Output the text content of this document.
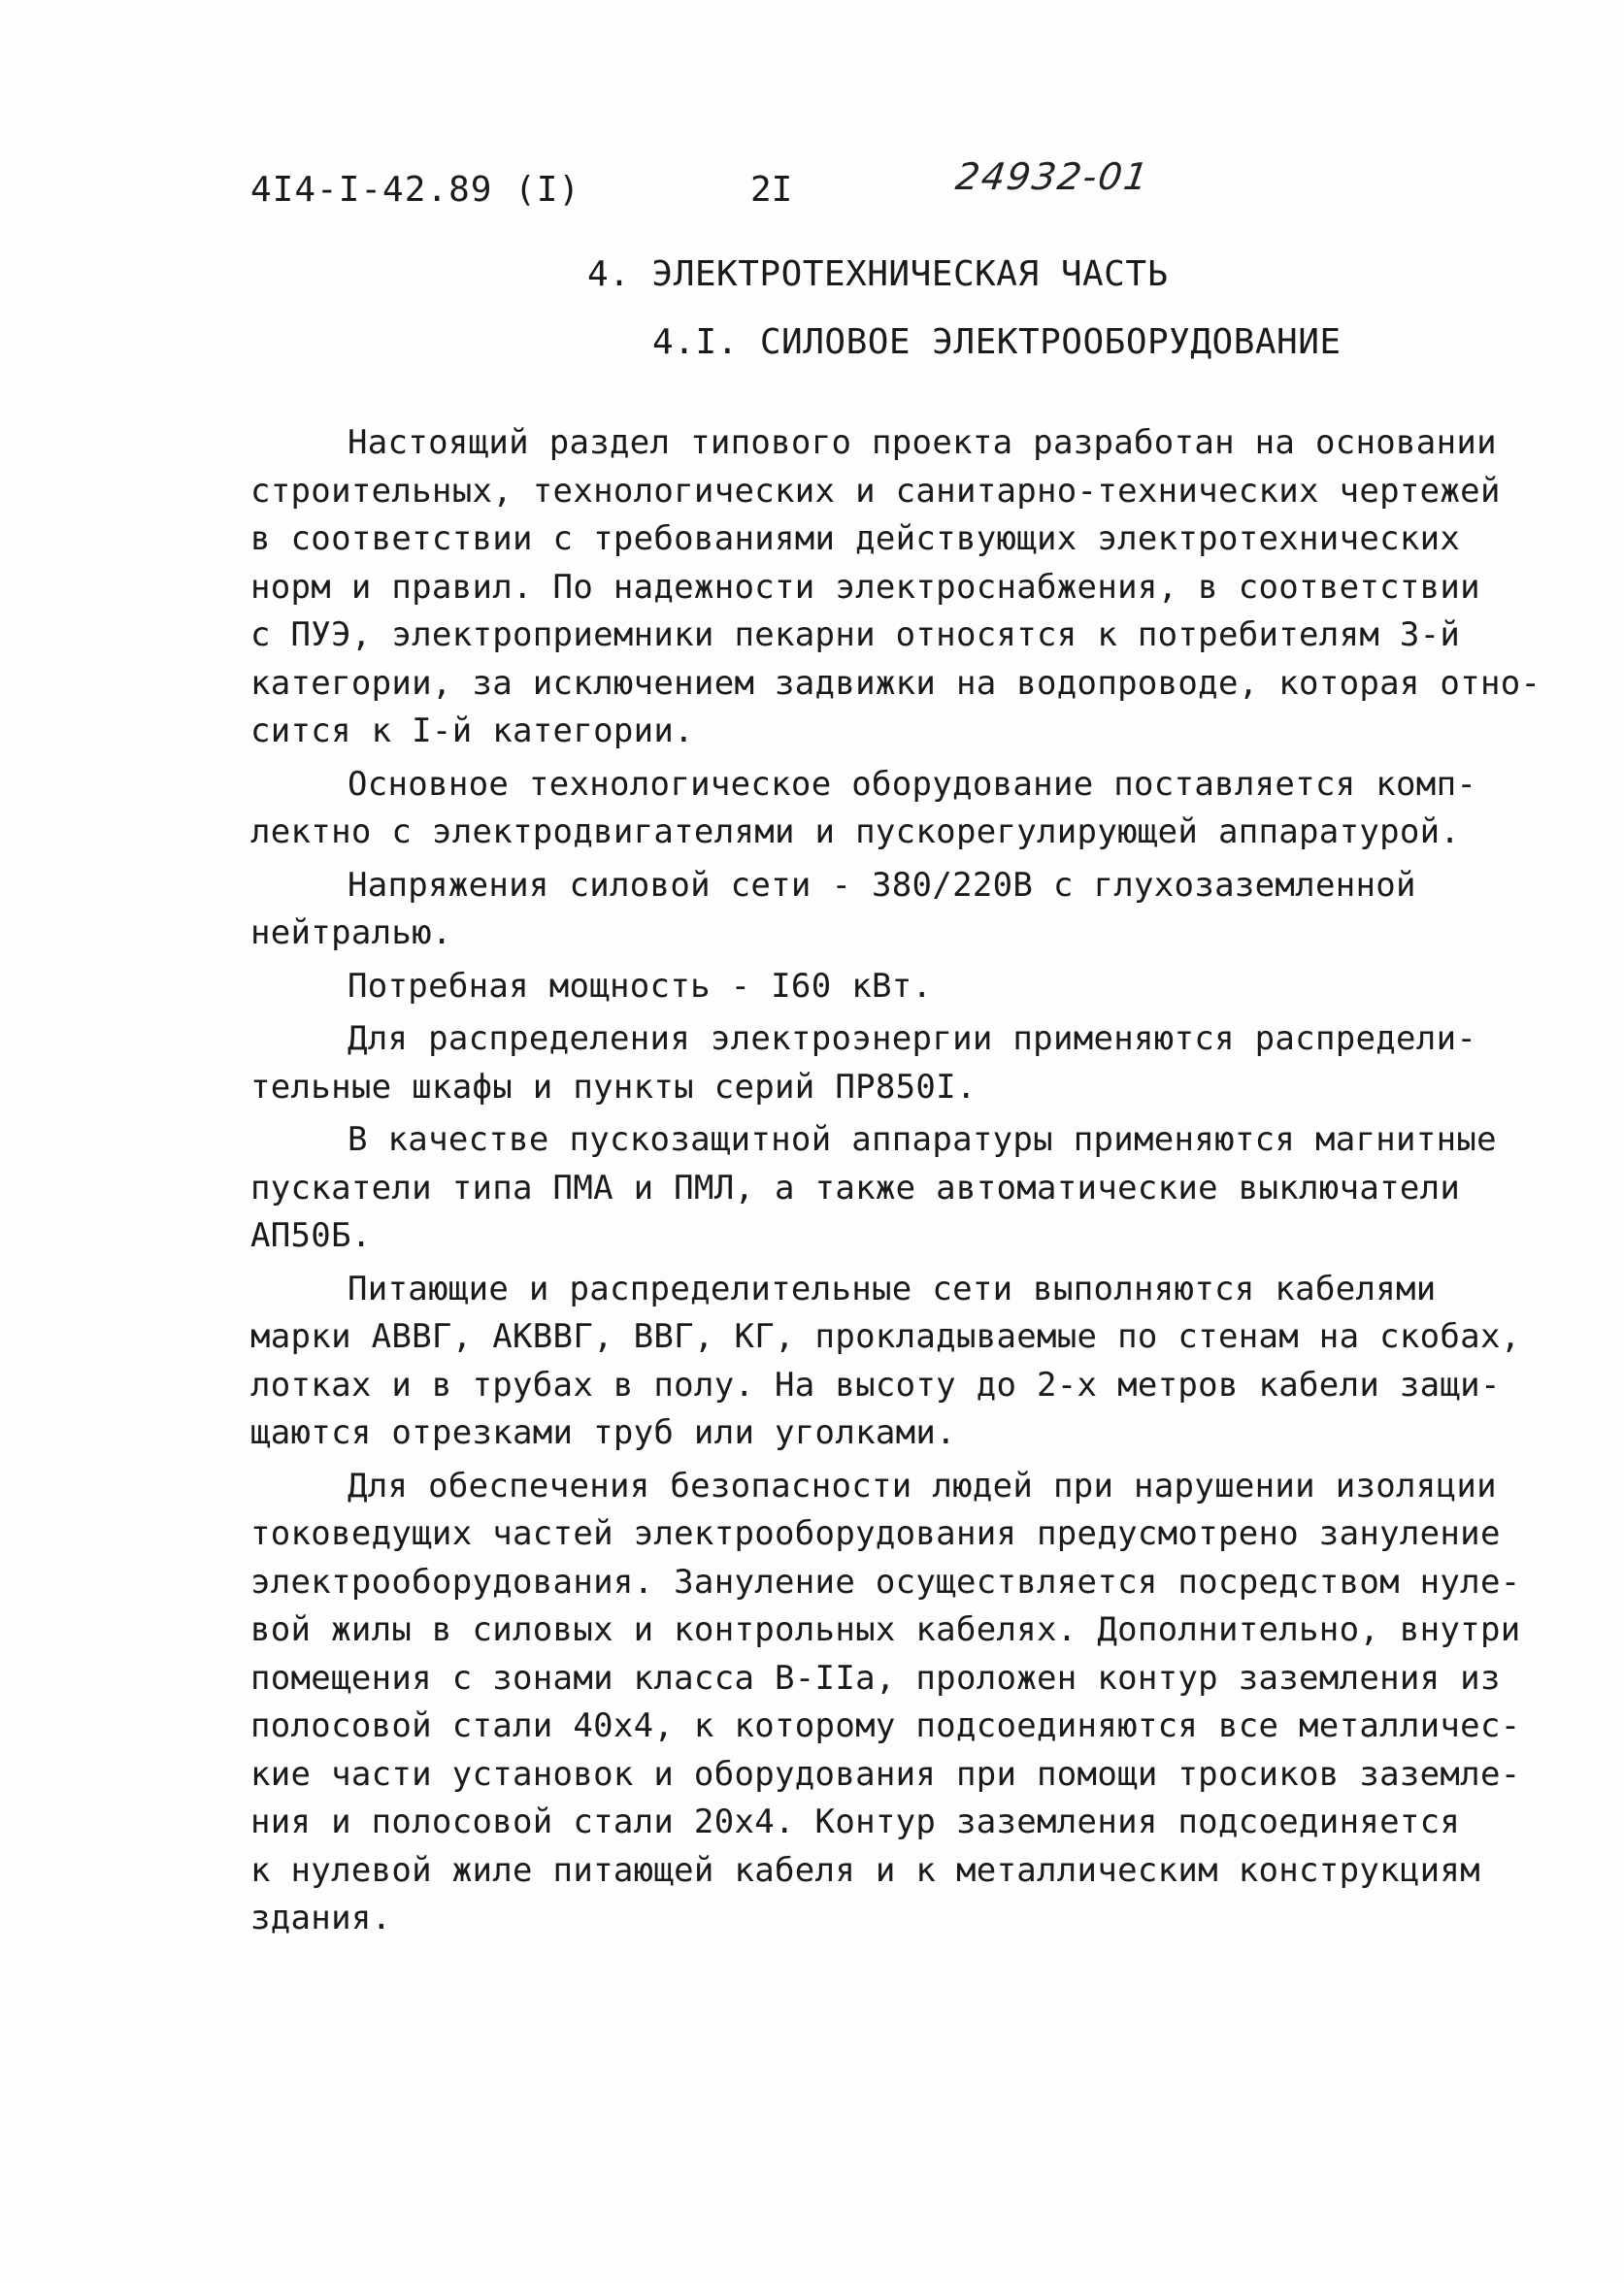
4I4-I-42.89 (I)	2I	24932-01
4. ЭЛЕКТРОТЕХНИЧЕСКАЯ ЧАСТЬ
4.I. СИЛОВОЕ ЭЛЕКТРООБОРУДОВАНИЕ
Настоящий раздел типового проекта разработан на основании
строительных, технологических и санитарно-технических чертежей
в соответствии с требованиями действующих электротехнических
норм и правил. По надежности электроснабжения, в соответствии
с ПУЭ, электроприемники пекарни относятся к потребителям 3-й
категории, за исключением задвижки на водопроводе, которая отно-
сится к I-й категории.
Основное технологическое оборудование поставляется комп-
лектно с электродвигателями и пускорегулирующей аппаратурой.
Напряжения силовой сети - 380/220В с глухозаземленной
нейтралью.
Потребная мощность - I60 кВт.
Для распределения электроэнергии применяются распредели-
тельные шкафы и пункты серий ПР850I.
В качестве пускозащитной аппаратуры применяются магнитные
пускатели типа ПМА и ПМЛ, а также автоматические выключатели
АП50Б.
Питающие и распределительные сети выполняются кабелями
марки АВВГ, АКВВГ, ВВГ, КГ, прокладываемые по стенам на скобах,
лотках и в трубах в полу. На высоту до 2-х метров кабели защи-
щаются отрезками труб или уголками.
Для обеспечения безопасности людей при нарушении изоляции
токоведущих частей электрооборудования предусмотрено зануление
электрооборудования. Зануление осуществляется посредством нуле-
вой жилы в силовых и контрольных кабелях. Дополнительно, внутри
помещения с зонами класса В-IIа, проложен контур заземления из
полосовой стали 40х4, к которому подсоединяются все металличес-
кие части установок и оборудования при помощи тросиков заземле-
ния и полосовой стали 20х4. Контур заземления подсоединяется
к нулевой жиле питающей кабеля и к металлическим конструкциям
здания.
